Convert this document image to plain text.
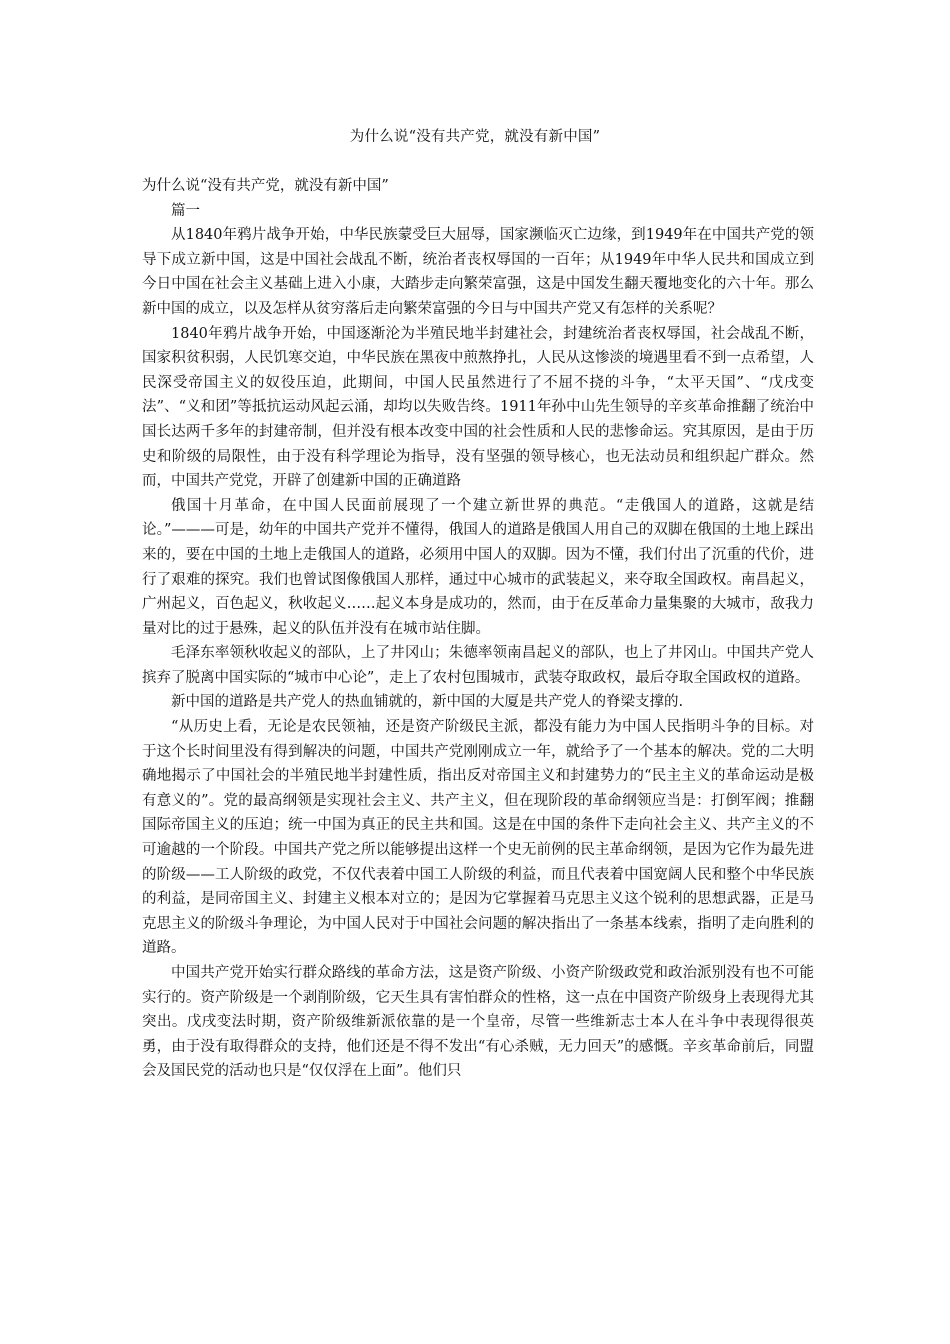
为什么说“没有共产党，就没有新中国”

为什么说“没有共产党，就没有新中国”

篇一

从1840年鸦片战争开始，中华民族蒙受巨大屈辱，国家濒临灭亡边缘，到1949年在中国共产党的领导下成立新中国，这是中国社会战乱不断，统治者丧权辱国的一百年；从1949年中华人民共和国成立到今日中国在社会主义基础上进入小康，大踏步走向繁荣富强，这是中国发生翻天覆地变化的六十年。那么新中国的成立，以及怎样从贫穷落后走向繁荣富强的今日与中国共产党又有怎样的关系呢？

1840年鸦片战争开始，中国逐渐沦为半殖民地半封建社会，封建统治者丧权辱国，社会战乱不断，国家积贫积弱，人民饥寒交迫，中华民族在黑夜中煎熬挣扎，人民从这惨淡的境遇里看不到一点希望，人民深受帝国主义的奴役压迫，此期间，中国人民虽然进行了不屈不挠的斗争，“太平天国”、“戊戌变法”、“义和团”等抵抗运动风起云涌，却均以失败告终。1911年孙中山先生领导的辛亥革命推翻了统治中国长达两千多年的封建帝制，但并没有根本改变中国的社会性质和人民的悲惨命运。究其原因，是由于历史和阶级的局限性，由于没有科学理论为指导，没有坚强的领导核心，也无法动员和组织起广群众。然而，中国共产党党，开辟了创建新中国的正确道路

俄国十月革命，在中国人民面前展现了一个建立新世界的典范。“走俄国人的道路，这就是结论。”———可是，幼年的中国共产党并不懂得，俄国人的道路是俄国人用自己的双脚在俄国的土地上踩出来的，要在中国的土地上走俄国人的道路，必须用中国人的双脚。因为不懂，我们付出了沉重的代价，进行了艰难的探究。我们也曾试图像俄国人那样，通过中心城市的武装起义，来夺取全国政权。南昌起义，广州起义，百色起义，秋收起义……起义本身是成功的，然而，由于在反革命力量集聚的大城市，敌我力量对比的过于悬殊，起义的队伍并没有在城市站住脚。

毛泽东率领秋收起义的部队，上了井冈山；朱德率领南昌起义的部队，也上了井冈山。中国共产党人摈弃了脱离中国实际的“城市中心论”，走上了农村包围城市，武装夺取政权，最后夺取全国政权的道路。

新中国的道路是共产党人的热血铺就的，新中国的大厦是共产党人的脊梁支撑的.

“从历史上看，无论是农民领袖，还是资产阶级民主派，都没有能力为中国人民指明斗争的目标。对于这个长时间里没有得到解决的问题，中国共产党刚刚成立一年，就给予了一个基本的解决。党的二大明确地揭示了中国社会的半殖民地半封建性质，指出反对帝国主义和封建势力的“民主主义的革命运动是极有意义的”。党的最高纲领是实现社会主义、共产主义，但在现阶段的革命纲领应当是：打倒军阀；推翻国际帝国主义的压迫；统一中国为真正的民主共和国。这是在中国的条件下走向社会主义、共产主义的不可逾越的一个阶段。中国共产党之所以能够提出这样一个史无前例的民主革命纲领，是因为它作为最先进的阶级——工人阶级的政党，不仅代表着中国工人阶级的利益，而且代表着中国宽阔人民和整个中华民族的利益，是同帝国主义、封建主义根本对立的；是因为它掌握着马克思主义这个锐利的思想武器，正是马克思主义的阶级斗争理论，为中国人民对于中国社会问题的解决指出了一条基本线索，指明了走向胜利的道路。

中国共产党开始实行群众路线的革命方法，这是资产阶级、小资产阶级政党和政治派别没有也不可能实行的。资产阶级是一个剥削阶级，它天生具有害怕群众的性格，这一点在中国资产阶级身上表现得尤其突出。戊戌变法时期，资产阶级维新派依靠的是一个皇帝，尽管一些维新志士本人在斗争中表现得很英勇，由于没有取得群众的支持，他们还是不得不发出“有心杀贼，无力回天”的感慨。辛亥革命前后，同盟会及国民党的活动也只是“仅仅浮在上面”。他们只
